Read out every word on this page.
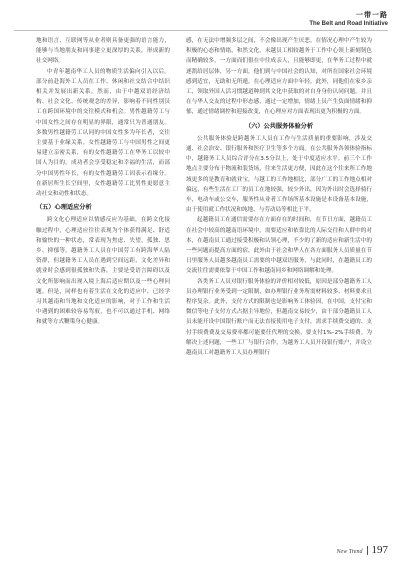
一带一路
The Belt and Road Initiative

地和语言、互联网等从业者则具备更强的语言能力，能够与当地朋友和同事建立更深厚的关系，形成新的社交网络。

中青年越南华工人员的物质生活偏向引入以后。部分前赴海外工人员在工作、休闲和社交结合中结识相关并发展出新关系。然而，由于中越双语经济结构、社会文化、传统观念的差异，影响着不同性别员工在跨国环境中的交往模式和机会。男性越籍劳工与中国女性之间存在明显的界限，通常只为普通朋友。多数男性越籍劳工认同的中国女性多为年长者，交往主要基于业缘关系。女性越籍劳工与中国男性之间更易建立亲密关系，有的女性越籍劳工在华务工以较中国人为目的，成功者会享受稳定和幸福的生活，而部分中国男性年长，有的女性越籍劳工因表示看缘分。在新居所生长空间里，女性越籍劳工比男性更愿意主动社交和动性和状态。

（五）心理适应分析

跨文化心理适应以情感反应为基础，在跨文化接触过程中，心理适应往往表现为个体获得满足、舒适和愉快的一种状态，常表现为焦虑、失望、孤独、思乡、抑郁等。越籍务工人员在中国劳工有跨海华人陆资群，但越籍务工人员在遇到空间远距、文化差异和就业时会感到很孤独和失落，主要是受语言障碍以及文化所影响而出现入境上海后适应期以及一些心理问题。但是，同样也有着生活在文化的适应中，已经学习其越南和当地和文化适应的影响，对于工作和生活中遇到的困难较容易驾驭，也不可以通过手机、网络和就等方式鞭策身心健康。

感，在无法中增频多层之间，不会像出现产生厌恶。在情况心理中产生较为积极的心态和情绪，和然文化，未越员工相较越务于工作中心领上新刻韧色而精确较多，一方面而们很在中往成亲人，且能够即更，在华务工过程中就逐凯给居层体，另一方面，他们到与中国社会的认知，对所在国家社会环境感到适宜，无助和无所遁，在心理适应方面中年轻，此外，同他们在家乡亲工，领取外国人活习惯越道种到其文化中获取的对自身身份认同问题，并且在与华人交友的过程中形态感，通过一定增加，情绪上员产生负面情绪和抑郁，通过情绪调控和迎接改变，在心理应对方面表现出更为积极的方面。

（六）公共服务体验分析

公共服务体验是跨越务工人员在工作与生活质量的重要影响，涉及交通、社会治安、银行服务和医疗卫生等多个方面。在公共服务各领体验指标中，越籍务工人员综合评分在3.5分以上，处于中度适应水平。前三个工作地点主要分布于物流和装货场，往来生活更方便，因此在这个往来所工作地域更多的是教育和就业宝，与越工的工作地相比，部分广工的工作地点相对偏远，有些生活在工厂的员工在地较强，较少外出，因为外出时会选择骑行车，电动车或公交车，服务性从业者工作场所基本设施是本设备基本设施，由于使用就工作状况和纯地、与劳动局等相比于平。

起越籍员工在通信需要存在方面存在的时间和，在节日方面，越籍员工在社会中较高的越南语环境中，需要适应和依靠比的人际交往和人群中的对本，在越南员工通过接受积极和认领心理，不少的了新的适应和新生活中的一些问题而提高方面的宿，此外由于社会和华人在各方面服务人员质量在节日里服务人员越多越南员工需要的中越双语服务，与此同时，在越籍员工的交流往往需要依靠于中国工作和越南同乡和网络调解和处理。

各类务工人员对银行服务体验的评价相对较低，原因是部分越籍务工人员办理银行业务受到一定限制，如办理银行业务所需材料较多、材料要求且程序复杂。此外，支付方式的限制也是影响务工体验因，在中国，支付宝和微信等电子支付方式占据主导地位，但越南交易较少，由于部分越籍员工人员未能开设中国银行账户而无法直接使用电子支付，需求手续费交通的、支付手续费费及交易费率都可能要任代理的交换，要支付1%–2%手续费。为解决上述问题，一些工厂与银行合作，为越务工人员开设银行账户，并设立越南员工对越籍务工人员办理银行

New Trend 197
